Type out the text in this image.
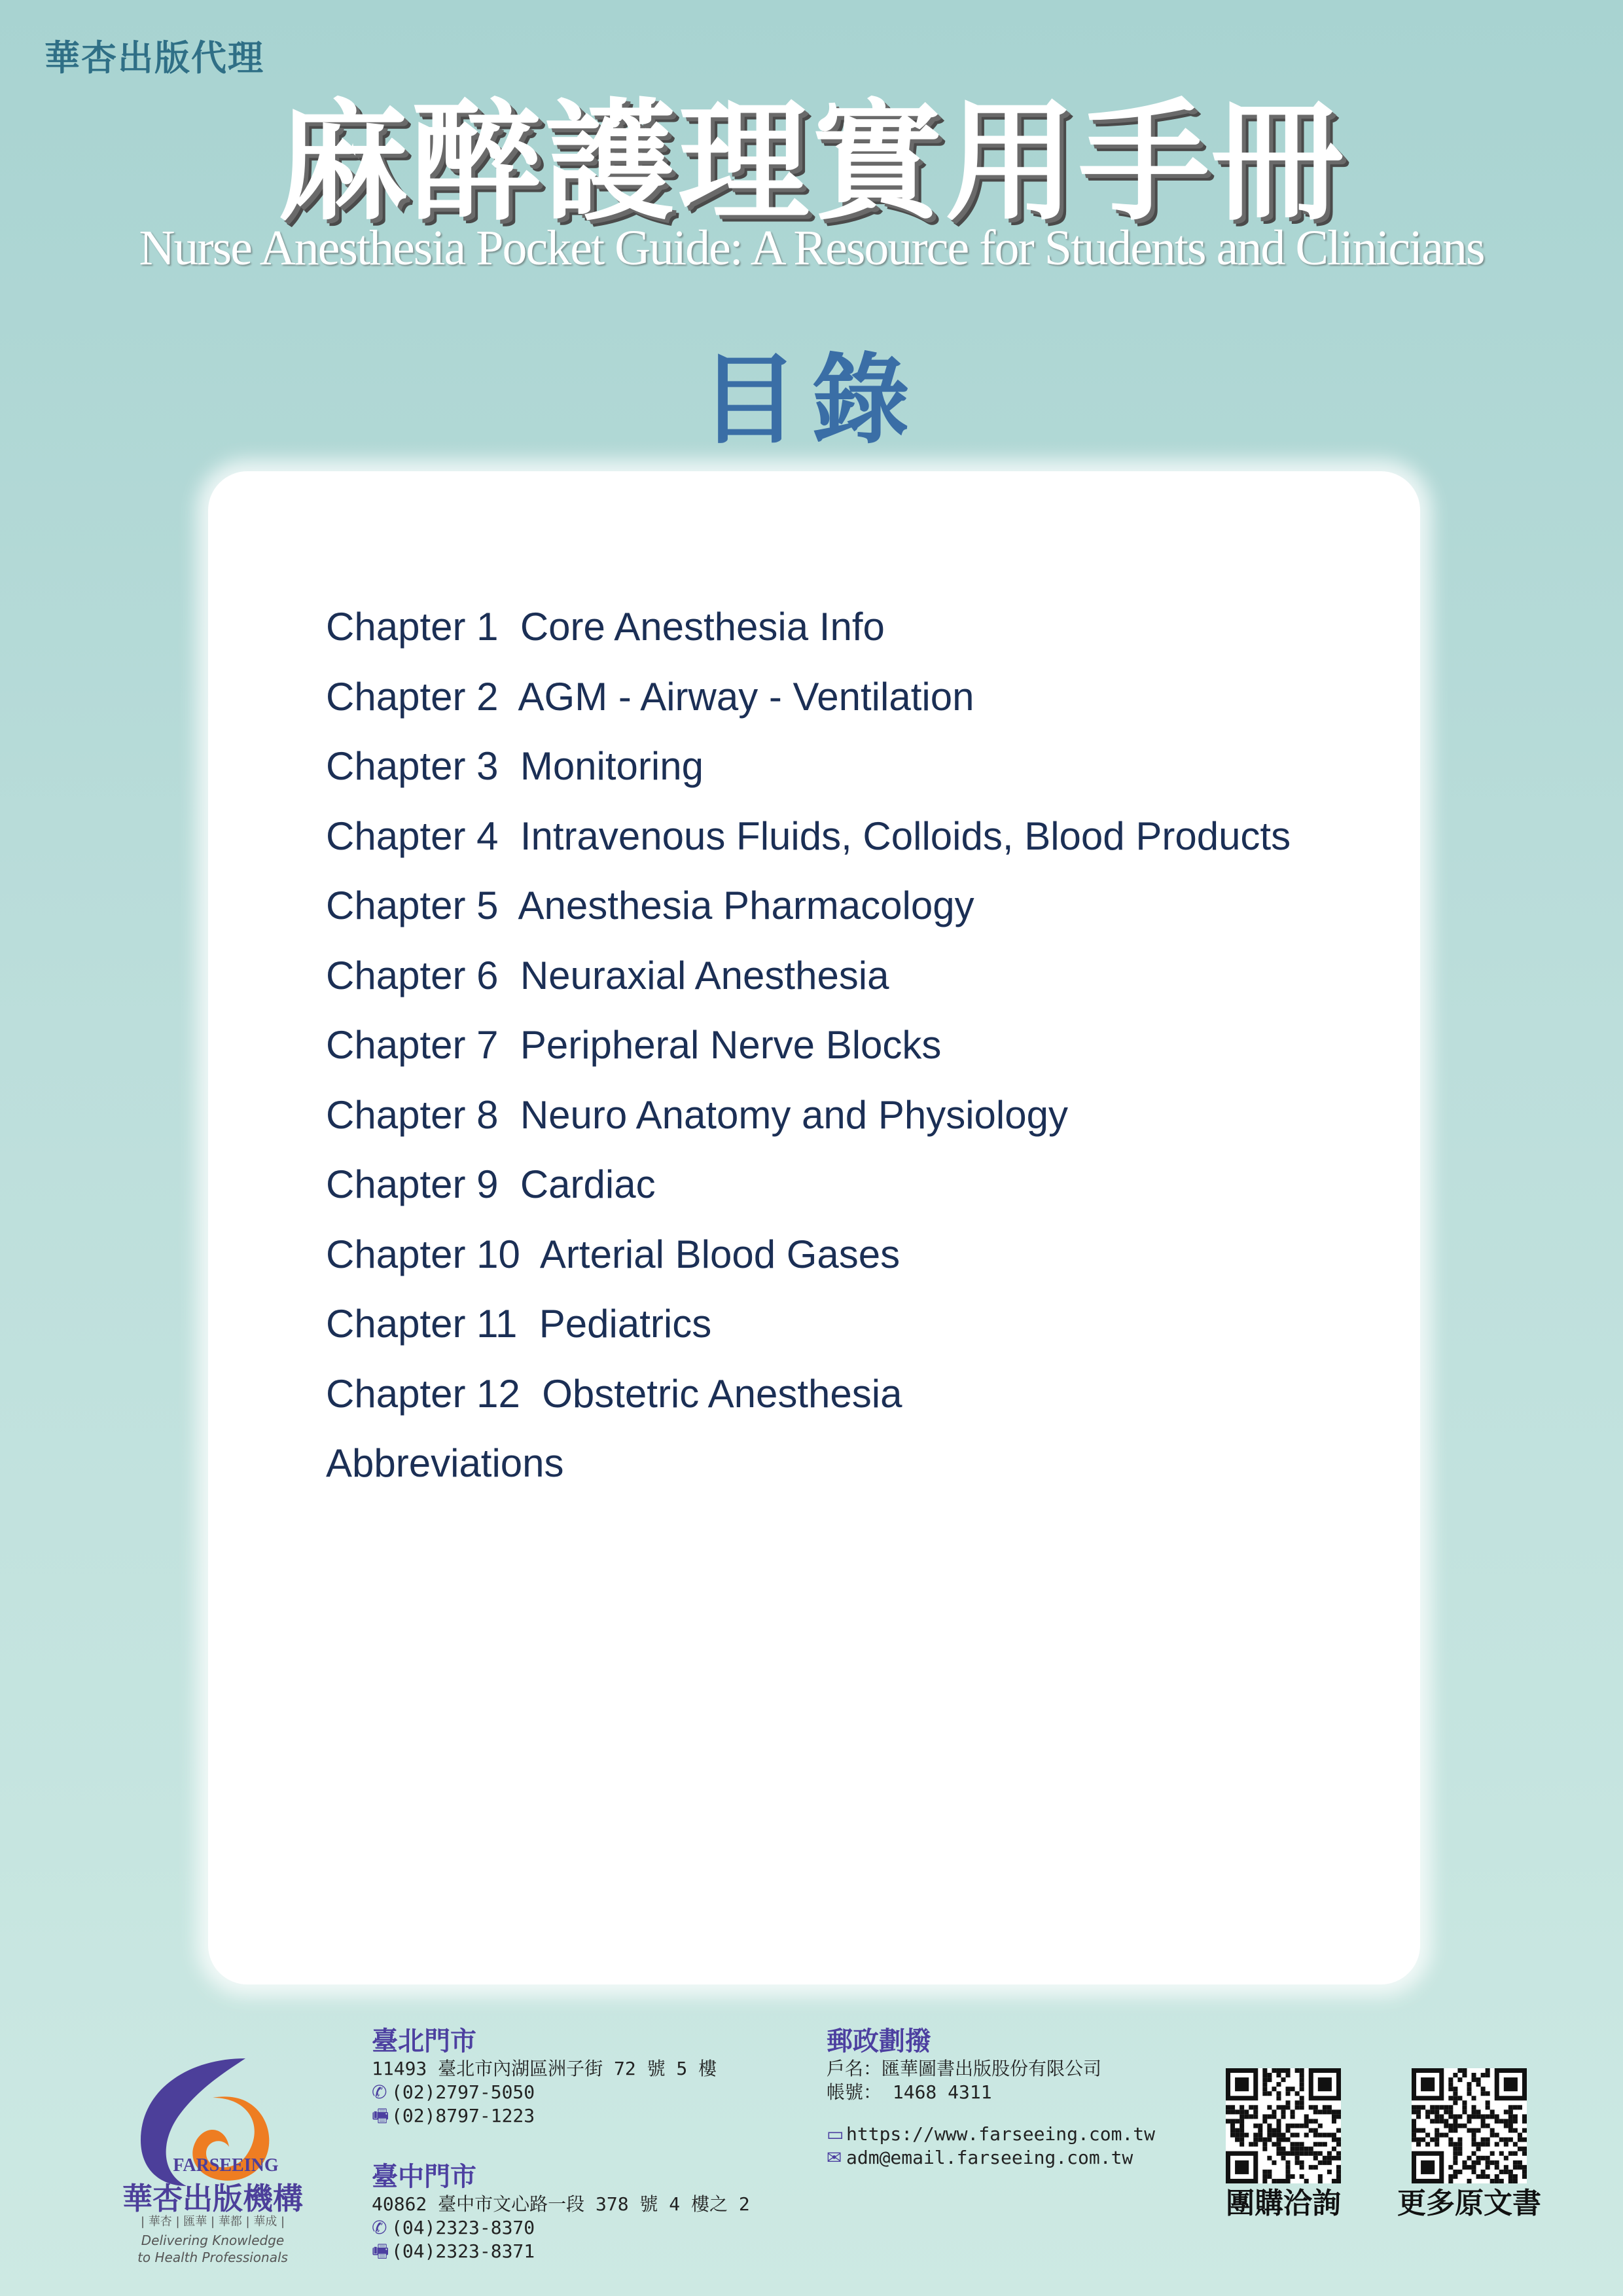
華杏出版代理
麻醉護理實用手冊
Nurse Anesthesia Pocket Guide: A Resource for Students and Clinicians
目錄
Chapter 1  Core Anesthesia Info
Chapter 2  AGM - Airway - Ventilation
Chapter 3  Monitoring
Chapter 4  Intravenous Fluids, Colloids, Blood Products
Chapter 5  Anesthesia Pharmacology
Chapter 6  Neuraxial Anesthesia
Chapter 7  Peripheral Nerve Blocks
Chapter 8  Neuro Anatomy and Physiology
Chapter 9  Cardiac
Chapter 10  Arterial Blood Gases
Chapter 11  Pediatrics
Chapter 12  Obstetric Anesthesia
Abbreviations
FARSEEING
華杏出版機構
| 華杏 | 匯華 | 華都 | 華成 |
Delivering Knowledge
to Health Professionals
臺北門市
11493 臺北市內湖區洲子街 72 號 5 樓
✆ (02)2797-5050
🖷 (02)8797-1223
臺中門市
40862 臺中市文心路一段 378 號 4 樓之 2
✆ (04)2323-8370
🖷 (04)2323-8371
郵政劃撥
戶名：匯華圖書出版股份有限公司
帳號： 1468 4311
▭ https://www.farseeing.com.tw
✉ adm@email.farseeing.com.tw
團購洽詢	更多原文書
